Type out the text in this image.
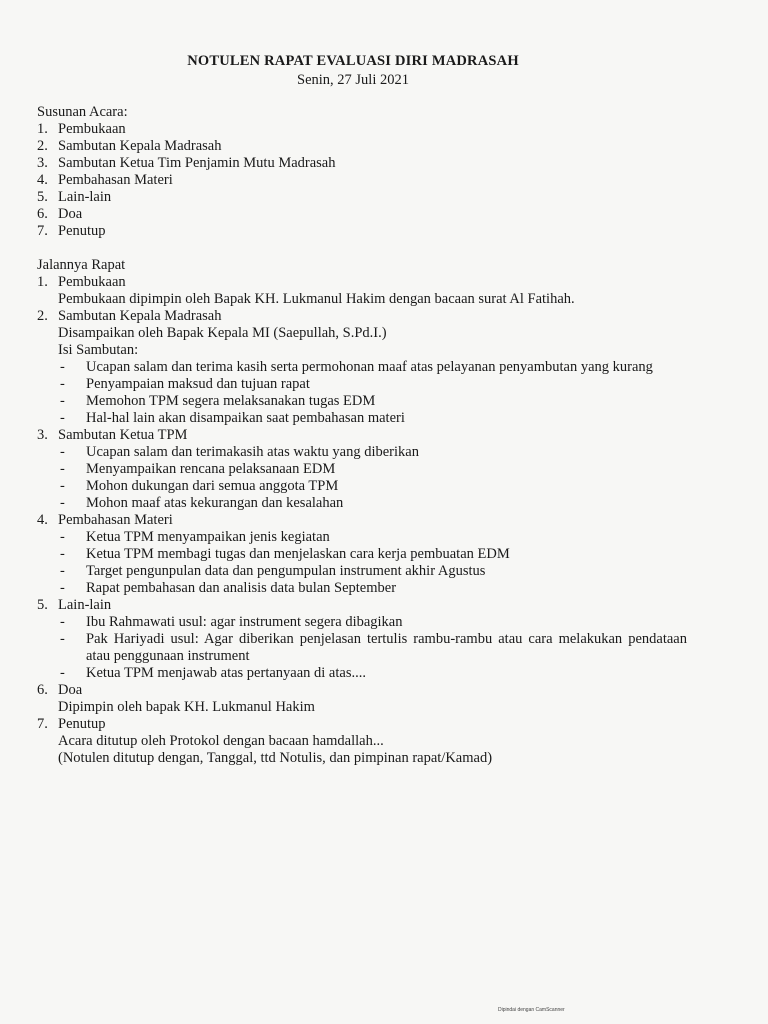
NOTULEN RAPAT EVALUASI DIRI MADRASAH
Senin, 27 Juli 2021
Susunan Acara:
1. Pembukaan
2. Sambutan Kepala Madrasah
3. Sambutan Ketua Tim Penjamin Mutu Madrasah
4. Pembahasan Materi
5. Lain-lain
6. Doa
7. Penutup
Jalannya Rapat
1. Pembukaan
Pembukaan dipimpin oleh Bapak KH. Lukmanul Hakim dengan bacaan surat Al Fatihah.
2. Sambutan Kepala Madrasah
Disampaikan oleh Bapak Kepala MI (Saepullah, S.Pd.I.)
Isi Sambutan:
- Ucapan salam dan terima kasih serta permohonan maaf atas pelayanan penyambutan yang kurang
- Penyampaian maksud dan tujuan rapat
- Memohon TPM segera melaksanakan tugas EDM
- Hal-hal lain akan disampaikan saat pembahasan materi
3. Sambutan Ketua TPM
- Ucapan salam dan terimakasih atas waktu yang diberikan
- Menyampaikan rencana pelaksanaan EDM
- Mohon dukungan dari semua anggota TPM
- Mohon maaf atas kekurangan dan kesalahan
4. Pembahasan Materi
- Ketua TPM menyampaikan jenis kegiatan
- Ketua TPM membagi tugas dan menjelaskan cara kerja pembuatan EDM
- Target pengunpulan data dan pengumpulan instrument akhir Agustus
- Rapat pembahasan dan analisis data bulan September
5. Lain-lain
- Ibu Rahmawati usul: agar instrument segera dibagikan
- Pak Hariyadi usul: Agar diberikan penjelasan tertulis rambu-rambu atau cara melakukan pendataan atau penggunaan instrument
- Ketua TPM menjawab atas pertanyaan di atas....
6. Doa
Dipimpin oleh bapak KH. Lukmanul Hakim
7. Penutup
Acara ditutup oleh Protokol dengan bacaan hamdallah...
(Notulen ditutup dengan, Tanggal, ttd Notulis, dan pimpinan rapat/Kamad)
Dipindai dengan CamScanner
